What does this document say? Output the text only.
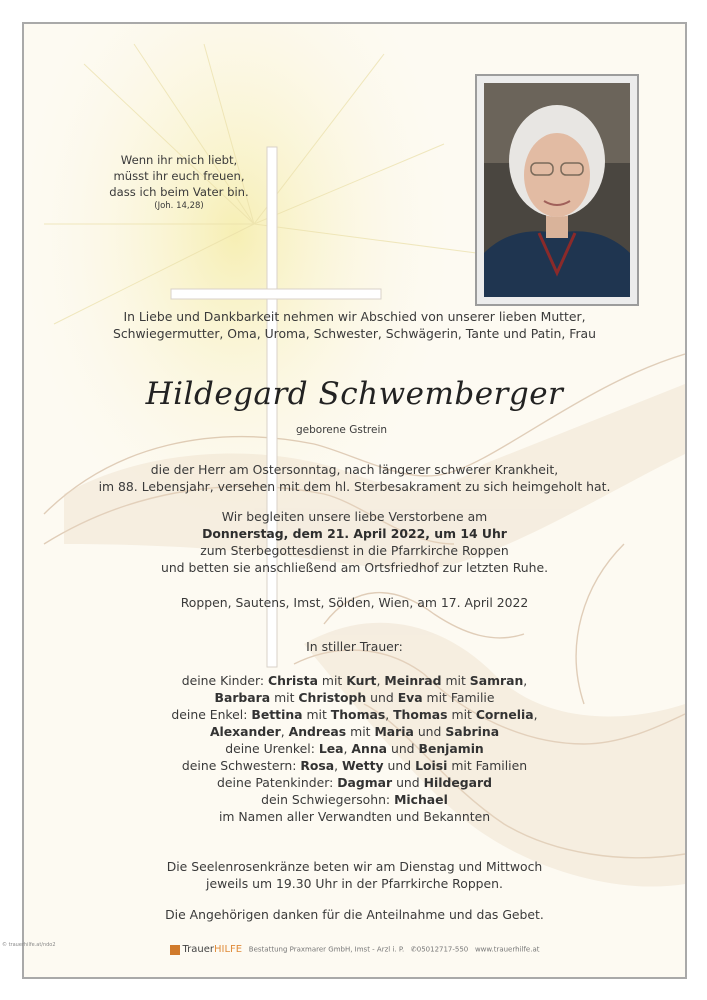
Wenn ihr mich liebt,
müsst ihr euch freuen,
dass ich beim Vater bin.
(Joh. 14,28)
In Liebe und Dankbarkeit nehmen wir Abschied von unserer lieben Mutter,
Schwiegermutter, Oma, Uroma, Schwester, Schwägerin, Tante und Patin, Frau
Hildegard Schwemberger
geborene Gstrein
die der Herr am Ostersonntag, nach längerer schwerer Krankheit,
im 88. Lebensjahr, versehen mit dem hl. Sterbesakrament zu sich heimgeholt hat.
Wir begleiten unsere liebe Verstorbene am
Donnerstag, dem 21. April 2022, um 14 Uhr
zum Sterbegottesdienst in die Pfarrkirche Roppen
und betten sie anschließend am Ortsfriedhof zur letzten Ruhe.
Roppen, Sautens, Imst, Sölden, Wien, am 17. April 2022
In stiller Trauer:
deine Kinder: Christa mit Kurt, Meinrad mit Samran,
Barbara mit Christoph und Eva mit Familie
deine Enkel: Bettina mit Thomas, Thomas mit Cornelia,
Alexander, Andreas mit Maria und Sabrina
deine Urenkel: Lea, Anna und Benjamin
deine Schwestern: Rosa, Wetty und Loisi mit Familien
deine Patenkinder: Dagmar und Hildegard
dein Schwiegersohn: Michael
im Namen aller Verwandten und Bekannten
Die Seelenrosenkränze beten wir am Dienstag und Mittwoch
jeweils um 19.30 Uhr in der Pfarrkirche Roppen.
Die Angehörigen danken für die Anteilnahme und das Gebet.
TrauerHILFE Bestattung Praxmarer GmbH, Imst - Arzl i. P. ✆05012717-550 www.trauerhilfe.at
© trauerhilfe.at/ndo2
